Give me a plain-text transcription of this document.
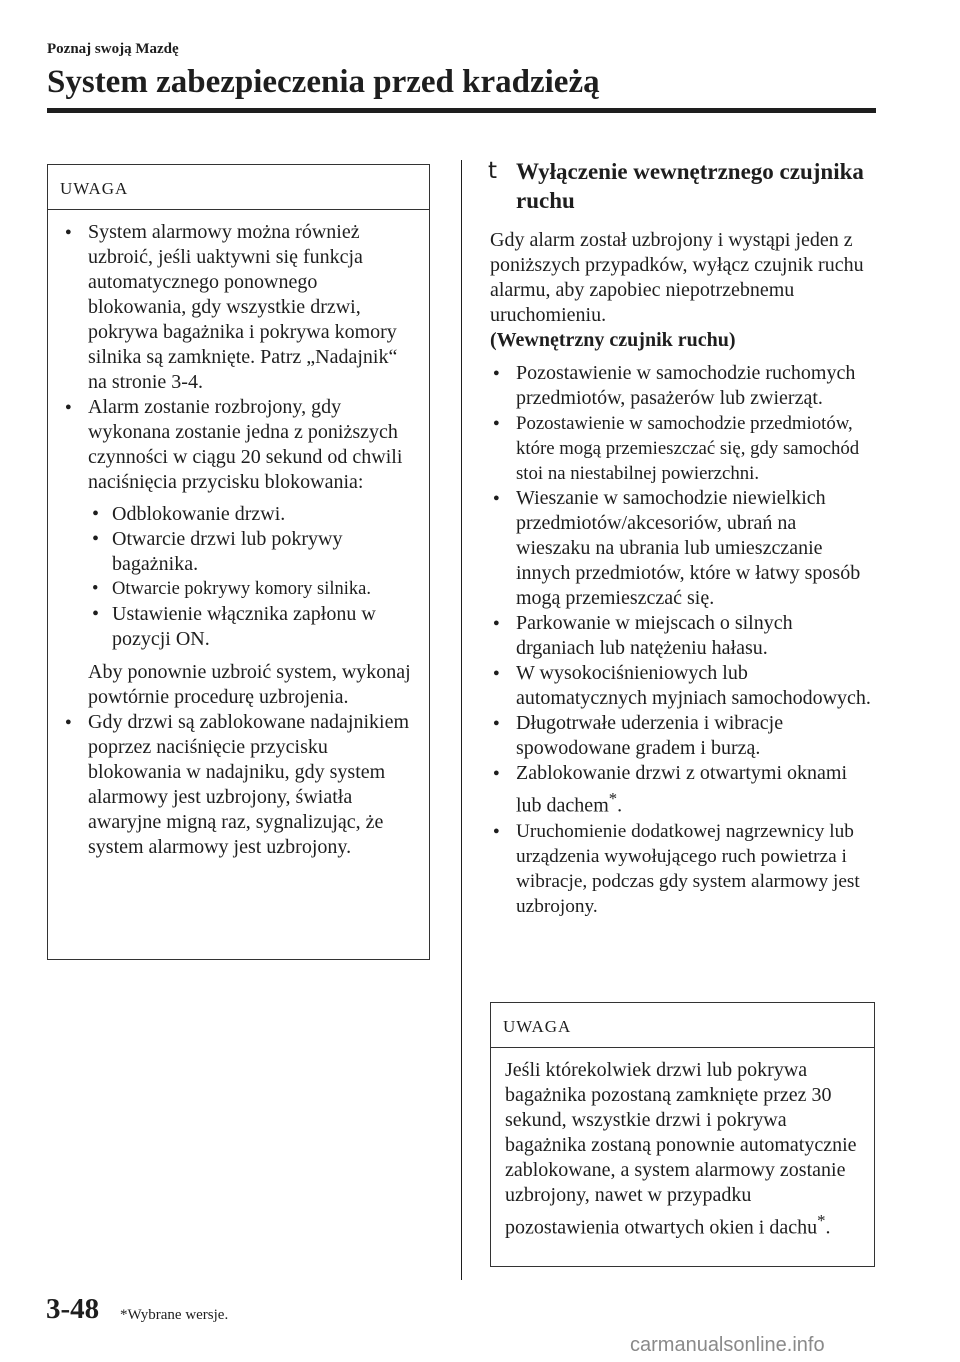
Poznaj swoją Mazdę
System zabezpieczenia przed kradzieżą
UWAGA
● System alarmowy można również uzbroić, jeśli uaktywni się funkcja automatycznego ponownego blokowania, gdy wszystkie drzwi, pokrywa bagażnika i pokrywa komory silnika są zamknięte. Patrz „Nadajnik“ na stronie 3-4.
● Alarm zostanie rozbrojony, gdy wykonana zostanie jedna z poniższych czynności w ciągu 20 sekund od chwili naciśnięcia przycisku blokowania:
• Odblokowanie drzwi.
• Otwarcie drzwi lub pokrywy bagażnika.
• Otwarcie pokrywy komory silnika.
• Ustawienie włącznika zapłonu w pozycji ON.
Aby ponownie uzbroić system, wykonaj powtórnie procedurę uzbrojenia.
● Gdy drzwi są zablokowane nadajnikiem poprzez naciśnięcie przycisku blokowania w nadajniku, gdy system alarmowy jest uzbrojony, światła awaryjne migną raz, sygnalizując, że system alarmowy jest uzbrojony.
t Wyłączenie wewnętrznego czujnika ruchu

Gdy alarm został uzbrojony i wystąpi jeden z poniższych przypadków, wyłącz czujnik ruchu alarmu, aby zapobiec niepotrzebnemu uruchomieniu.

(Wewnętrzny czujnik ruchu)

● Pozostawienie w samochodzie ruchomych przedmiotów, pasażerów lub zwierząt.
● Pozostawienie w samochodzie przedmiotów, które mogą przemieszczać się, gdy samochód stoi na niestabilnej powierzchni.
● Wieszanie w samochodzie niewielkich przedmiotów/akcesoriów, ubrań na wieszaku na ubrania lub umieszczanie innych przedmiotów, które w łatwy sposób mogą przemieszczać się.
● Parkowanie w miejscach o silnych drganiach lub natężeniu hałasu.
● W wysokociśnieniowych lub automatycznych myjniach samochodowych.
● Długotrwałe uderzenia i wibracje spowodowane gradem i burzą.
● Zablokowanie drzwi z otwartymi oknami lub dachem*.
● Uruchomienie dodatkowej nagrzewnicy lub urządzenia wywołującego ruch powietrza i wibracje, podczas gdy system alarmowy jest uzbrojony.
UWAGA
Jeśli którekolwiek drzwi lub pokrywa bagażnika pozostaną zamknięte przez 30 sekund, wszystkie drzwi i pokrywa bagażnika zostaną ponownie automatycznie zablokowane, a system alarmowy zostanie uzbrojony, nawet w przypadku pozostawienia otwartych okien i dachu*.
3-48 *Wybrane wersje.
carmanualsonline.info
